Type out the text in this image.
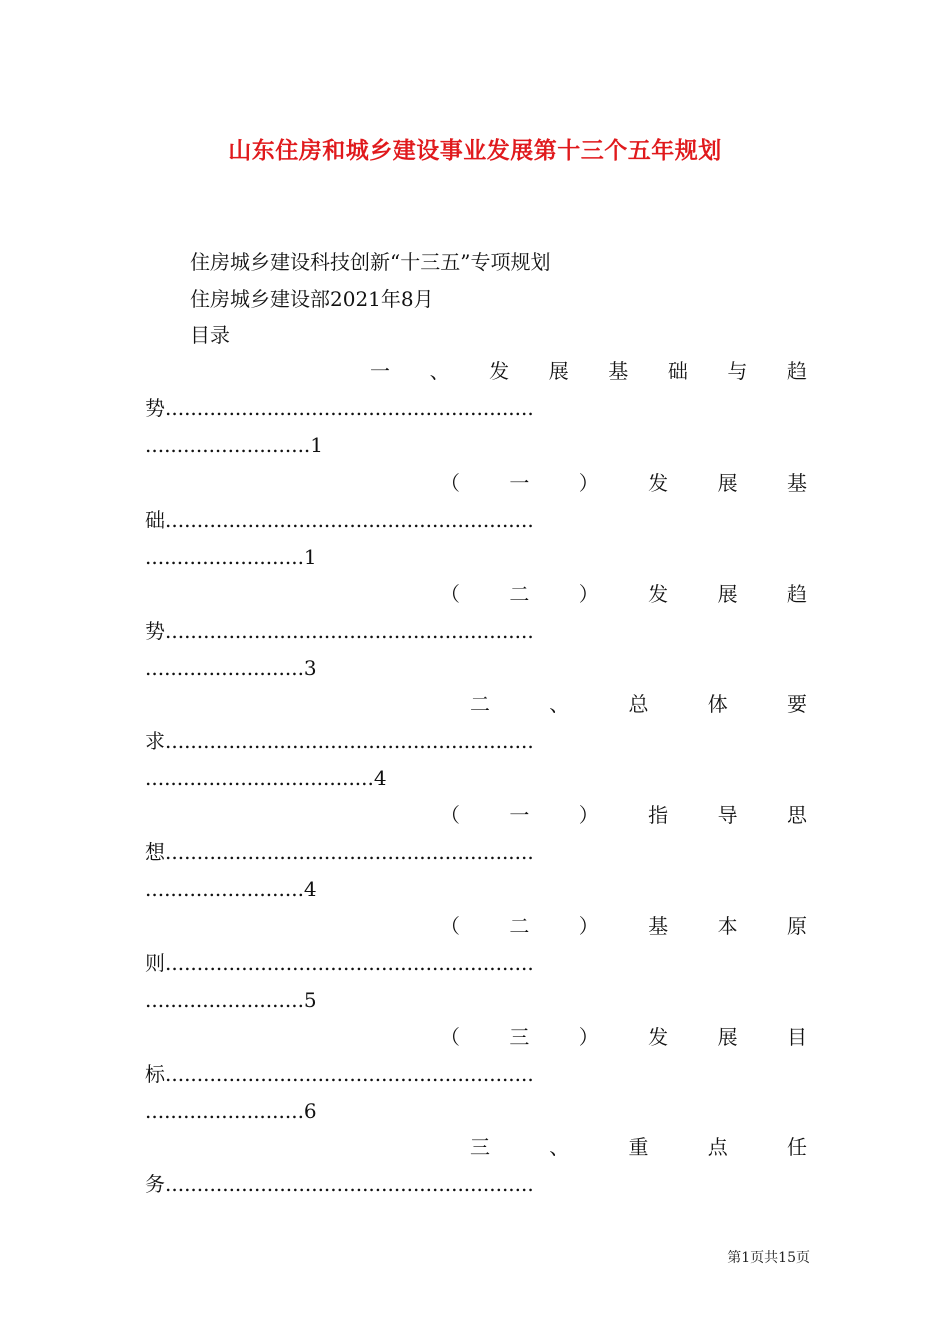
山东住房和城乡建设事业发展第十三个五年规划
住房城乡建设科技创新“十三五”专项规划
住房城乡建设部2021年8月
目录
一 、 发 展 基 础 与 趋
势..........................................................
..........................1
（ 一 ） 发 展 基
础..........................................................
.........................1
（ 二 ） 发 展 趋
势..........................................................
.........................3
二	、	总	体	要
求..........................................................
....................................4
（ 一 ） 指 导 思
想..........................................................
.........................4
（ 二 ） 基 本 原
则..........................................................
.........................5
（ 三 ） 发 展 目
标..........................................................
.........................6
三	、	重	点	任
务..........................................................
第1页共15页
